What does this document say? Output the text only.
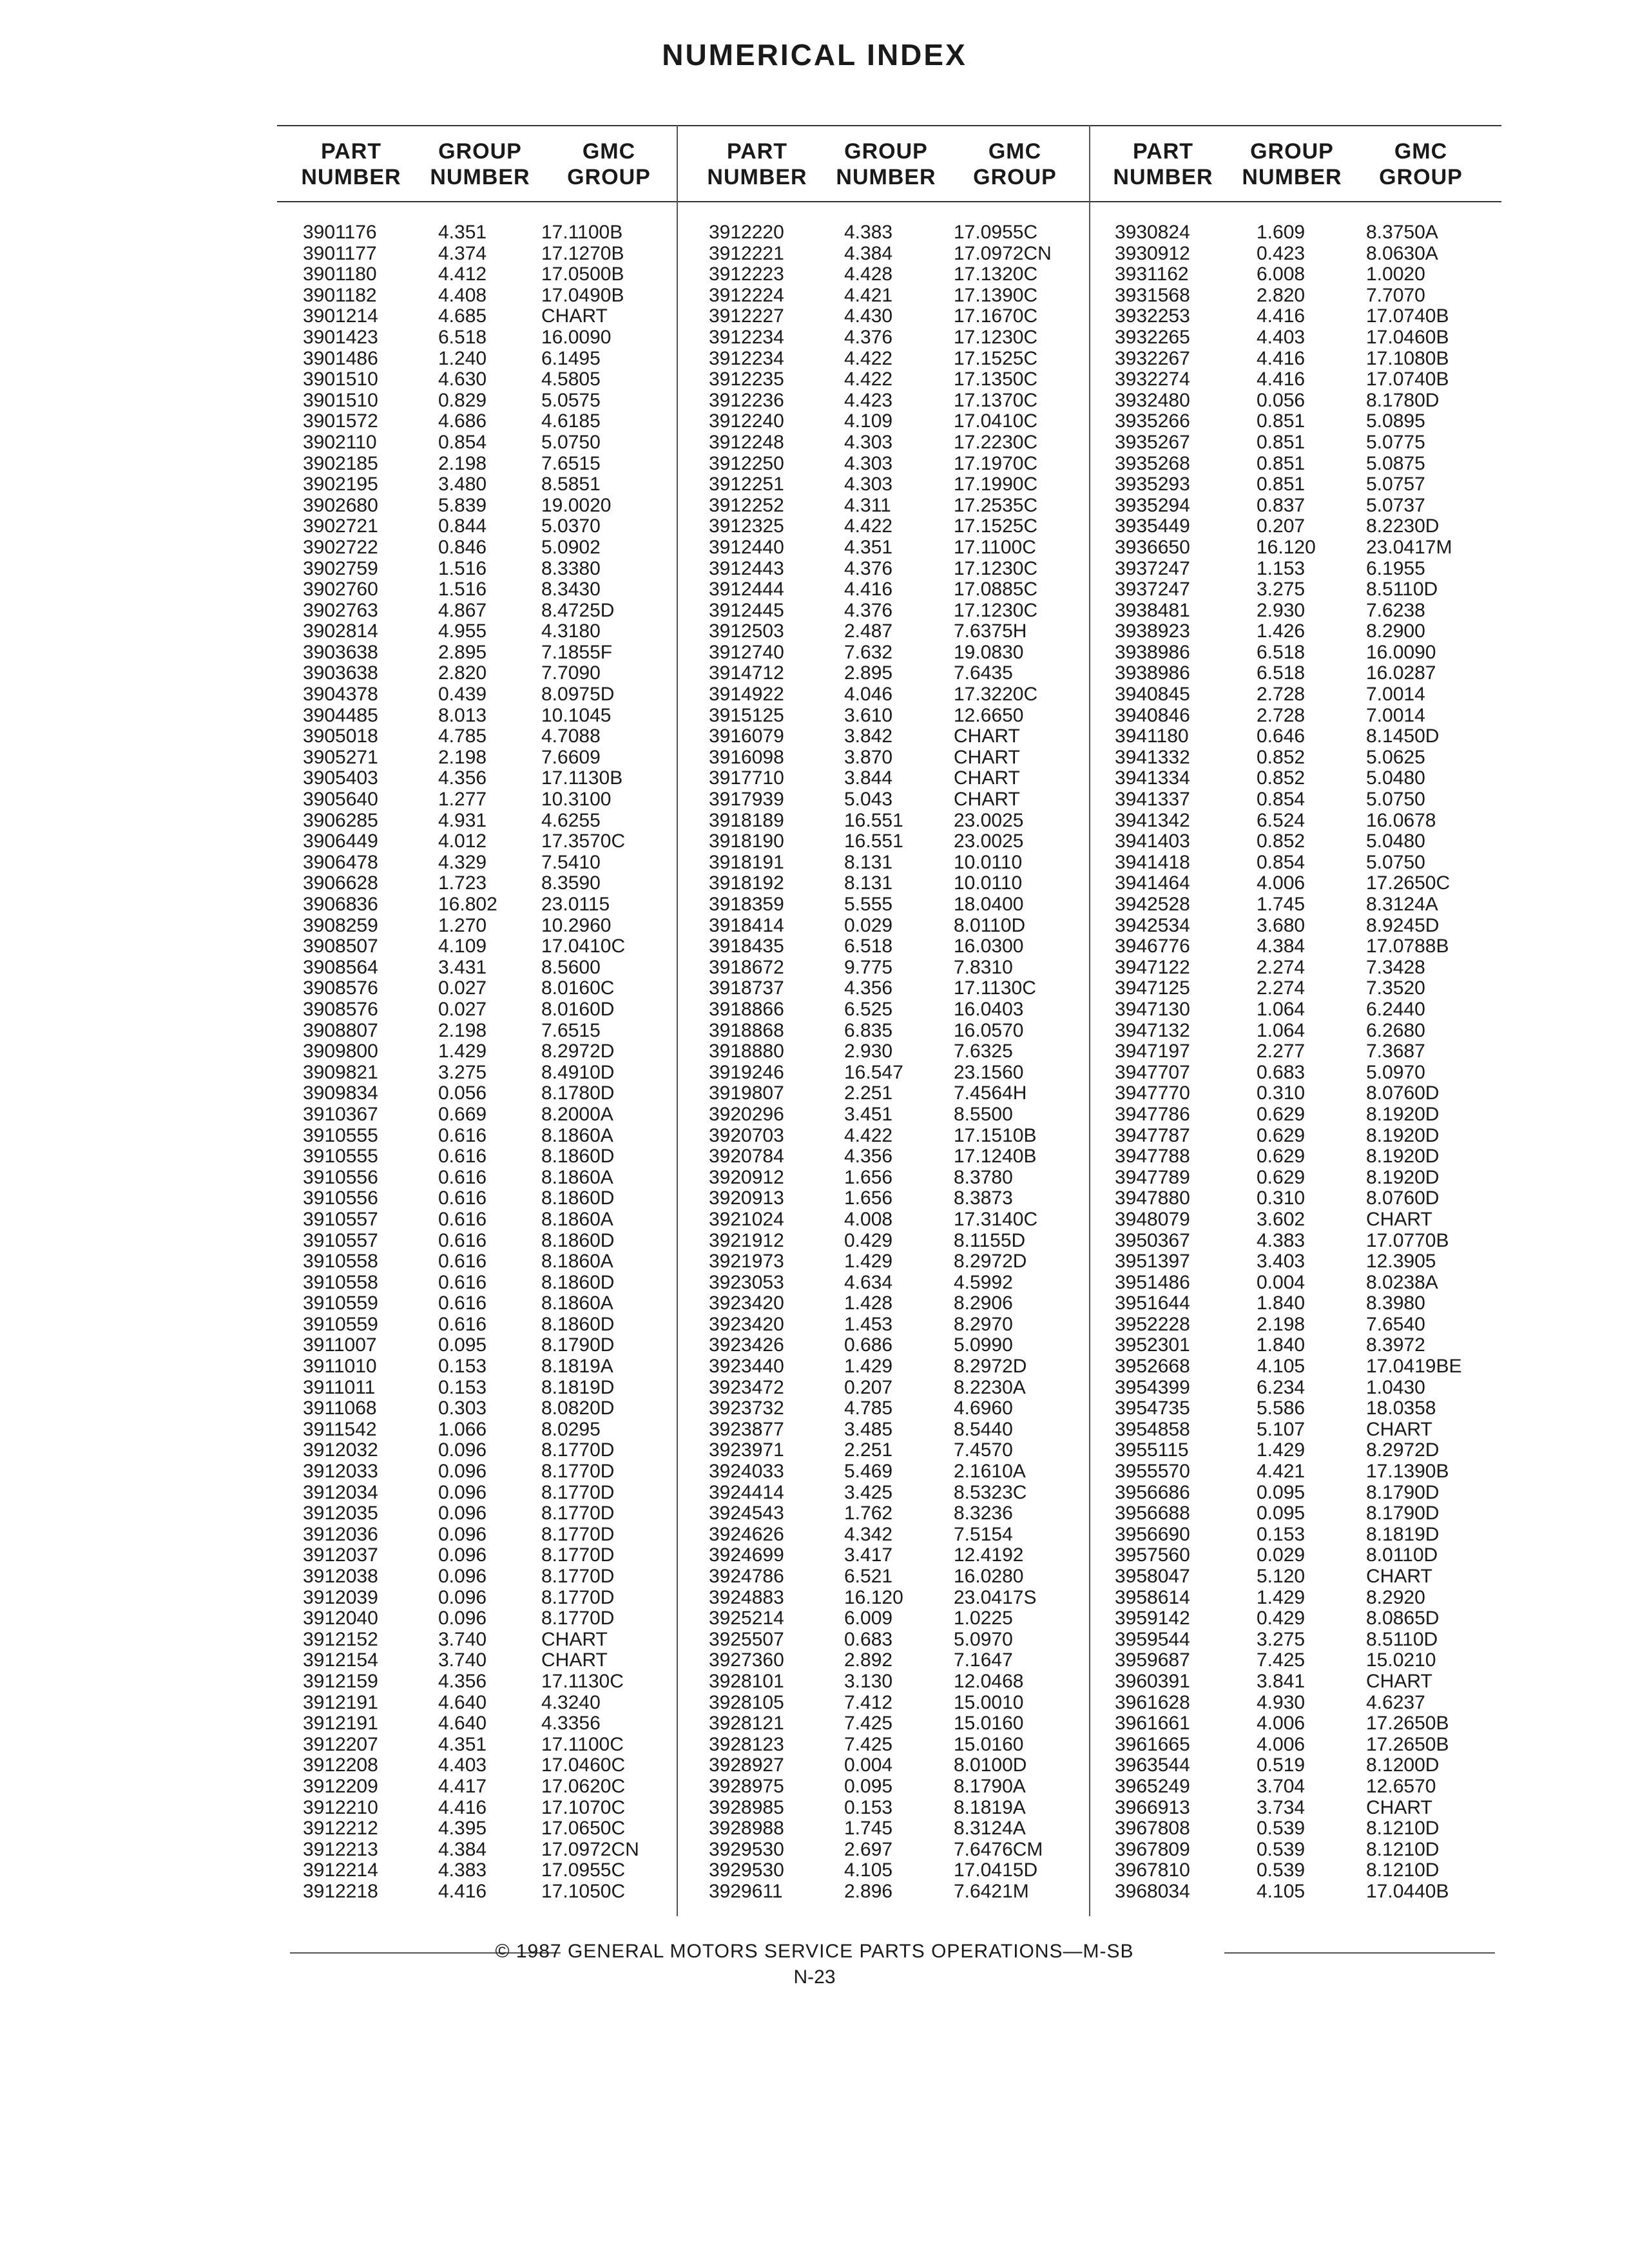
NUMERICAL INDEX
PART NUMBER
GROUP NUMBER
GMC GROUP
3901176	4.351	17.1100B
3901177	4.374	17.1270B
3901180	4.412	17.0500B
3901182	4.408	17.0490B
3901214	4.685	CHART
3901423	6.518	16.0090
3901486	1.240	6.1495
3901510	4.630	4.5805
3901510	0.829	5.0575
3901572	4.686	4.6185
3902110	0.854	5.0750
3902185	2.198	7.6515
3902195	3.480	8.5851
3902680	5.839	19.0020
3902721	0.844	5.0370
3902722	0.846	5.0902
3902759	1.516	8.3380
3902760	1.516	8.3430
3902763	4.867	8.4725D
3902814	4.955	4.3180
3903638	2.895	7.1855F
3903638	2.820	7.7090
3904378	0.439	8.0975D
3904485	8.013	10.1045
3905018	4.785	4.7088
3905271	2.198	7.6609
3905403	4.356	17.1130B
3905640	1.277	10.3100
3906285	4.931	4.6255
3906449	4.012	17.3570C
3906478	4.329	7.5410
3906628	1.723	8.3590
3906836	16.802 23.0115
3908259	1.270	10.2960
3908507	4.109	17.0410C
3908564	3.431	8.5600
3908576	0.027	8.0160C
3908576	0.027	8.0160D
3908807	2.198	7.6515
3909800	1.429	8.2972D
3909821	3.275	8.4910D
3909834	0.056	8.1780D
3910367	0.669	8.2000A
3910555	0.616	8.1860A
3910555	0.616	8.1860D
3910556	0.616	8.1860A
3910556	0.616	8.1860D
3910557	0.616	8.1860A
3910557	0.616	8.1860D
3910558	0.616	8.1860A
3910558	0.616	8.1860D
3910559	0.616	8.1860A
3910559	0.616	8.1860D
3911007	0.095	8.1790D
3911010	0.153	8.1819A
3911011	0.153	8.1819D
3911068	0.303	8.0820D
3911542	1.066	8.0295
3912032	0.096	8.1770D
3912033	0.096	8.1770D
3912034	0.096	8.1770D
3912035	0.096	8.1770D
3912036	0.096	8.1770D
3912037	0.096	8.1770D
3912038	0.096	8.1770D
3912039	0.096	8.1770D
3912040	0.096	8.1770D
3912152	3.740	CHART
3912154	3.740	CHART
3912159	4.356	17.1130C
3912191	4.640	4.3240
3912191	4.640	4.3356
3912207	4.351	17.1100C
3912208	4.403	17.0460C
3912209	4.417	17.0620C
3912210	4.416	17.1070C
3912212	4.395	17.0650C
3912213	4.384	17.0972CN
3912214	4.383	17.0955C
3912218	4.416	17.1050C
PART NUMBER
GROUP NUMBER
GMC GROUP
3912220	4.383	17.0955C
3912221	4.384	17.0972CN
3912223	4.428	17.1320C
3912224	4.421	17.1390C
3912227	4.430	17.1670C
3912234	4.376	17.1230C
3912234	4.422	17.1525C
3912235	4.422	17.1350C
3912236	4.423	17.1370C
3912240	4.109	17.0410C
3912248	4.303	17.2230C
3912250	4.303	17.1970C
3912251	4.303	17.1990C
3912252	4.311	17.2535C
3912325	4.422	17.1525C
3912440	4.351	17.1100C
3912443	4.376	17.1230C
3912444	4.416	17.0885C
3912445	4.376	17.1230C
3912503	2.487	7.6375H
3912740	7.632	19.0830
3914712	2.895	7.6435
3914922	4.046	17.3220C
3915125	3.610	12.6650
3916079	3.842	CHART
3916098	3.870	CHART
3917710	3.844	CHART
3917939	5.043	CHART
3918189	16.551	23.0025
3918190	16.551	23.0025
3918191	8.131	10.0110
3918192	8.131	10.0110
3918359	5.555	18.0400
3918414	0.029	8.0110D
3918435	6.518	16.0300
3918672	9.775	7.8310
3918737	4.356	17.1130C
3918866	6.525	16.0403
3918868	6.835	16.0570
3918880	2.930	7.6325
3919246	16.547	23.1560
3919807	2.251	7.4564H
3920296	3.451	8.5500
3920703	4.422	17.1510B
3920784	4.356	17.1240B
3920912	1.656	8.3780
3920913	1.656	8.3873
3921024	4.008	17.3140C
3921912	0.429	8.1155D
3921973	1.429	8.2972D
3923053	4.634	4.5992
3923420	1.428	8.2906
3923420	1.453	8.2970
3923426	0.686	5.0990
3923440	1.429	8.2972D
3923472	0.207	8.2230A
3923732	4.785	4.6960
3923877	3.485	8.5440
3923971	2.251	7.4570
3924033	5.469	2.1610A
3924414	3.425	8.5323C
3924543	1.762	8.3236
3924626	4.342	7.5154
3924699	3.417	12.4192
3924786	6.521	16.0280
3924883	16.120	23.0417S
3925214	6.009	1.0225
3925507	0.683	5.0970
3927360	2.892	7.1647
3928101	3.130	12.0468
3928105	7.412	15.0010
3928121	7.425	15.0160
3928123	7.425	15.0160
3928927	0.004	8.0100D
3928975	0.095	8.1790A
3928985	0.153	8.1819A
3928988	1.745	8.3124A
3929530	2.697	7.6476CM
3929530	4.105	17.0415D
3929611	2.896	7.6421M
PART NUMBER
GROUP NUMBER
GMC GROUP
3930824	1.609	8.3750A
3930912	0.423	8.0630A
3931162	6.008	1.0020
3931568	2.820	7.7070
3932253	4.416	17.0740B
3932265	4.403	17.0460B
3932267	4.416	17.1080B
3932274	4.416	17.0740B
3932480	0.056	8.1780D
3935266	0.851	5.0895
3935267	0.851	5.0775
3935268	0.851	5.0875
3935293	0.851	5.0757
3935294	0.837	5.0737
3935449	0.207	8.2230D
3936650	16.120	23.0417M
3937247	1.153	6.1955
3937247	3.275	8.5110D
3938481	2.930	7.6238
3938923	1.426	8.2900
3938986	6.518	16.0090
3938986	6.518	16.0287
3940845	2.728	7.0014
3940846	2.728	7.0014
3941180	0.646	8.1450D
3941332	0.852	5.0625
3941334	0.852	5.0480
3941337	0.854	5.0750
3941342	6.524	16.0678
3941403	0.852	5.0480
3941418	0.854	5.0750
3941464	4.006	17.2650C
3942528	1.745	8.3124A
3942534	3.680	8.9245D
3946776	4.384	17.0788B
3947122	2.274	7.3428
3947125	2.274	7.3520
3947130	1.064	6.2440
3947132	1.064	6.2680
3947197	2.277	7.3687
3947707	0.683	5.0970
3947770	0.310	8.0760D
3947786	0.629	8.1920D
3947787	0.629	8.1920D
3947788	0.629	8.1920D
3947789	0.629	8.1920D
3947880	0.310	8.0760D
3948079	3.602	CHART
3950367	4.383	17.0770B
3951397	3.403	12.3905
3951486	0.004	8.0238A
3951644	1.840	8.3980
3952228	2.198	7.6540
3952301	1.840	8.3972
3952668	4.105	17.0419BE
3954399	6.234	1.0430
3954735	5.586	18.0358
3954858	5.107	CHART
3955115	1.429	8.2972D
3955570	4.421	17.1390B
3956686	0.095	8.1790D
3956688	0.095	8.1790D
3956690	0.153	8.1819D
3957560	0.029	8.0110D
3958047	5.120	CHART
3958614	1.429	8.2920
3959142	0.429	8.0865D
3959544	3.275	8.5110D
3959687	7.425	15.0210
3960391	3.841	CHART
3961628	4.930	4.6237
3961661	4.006	17.2650B
3961665	4.006	17.2650B
3963544	0.519	8.1200D
3965249	3.704	12.6570
3966913	3.734	CHART
3967808	0.539	8.1210D
3967809	0.539	8.1210D
3967810	0.539	8.1210D
3968034	4.105	17.0440B
© 1987 GENERAL MOTORS SERVICE PARTS OPERATIONS—M-SB
N-23
